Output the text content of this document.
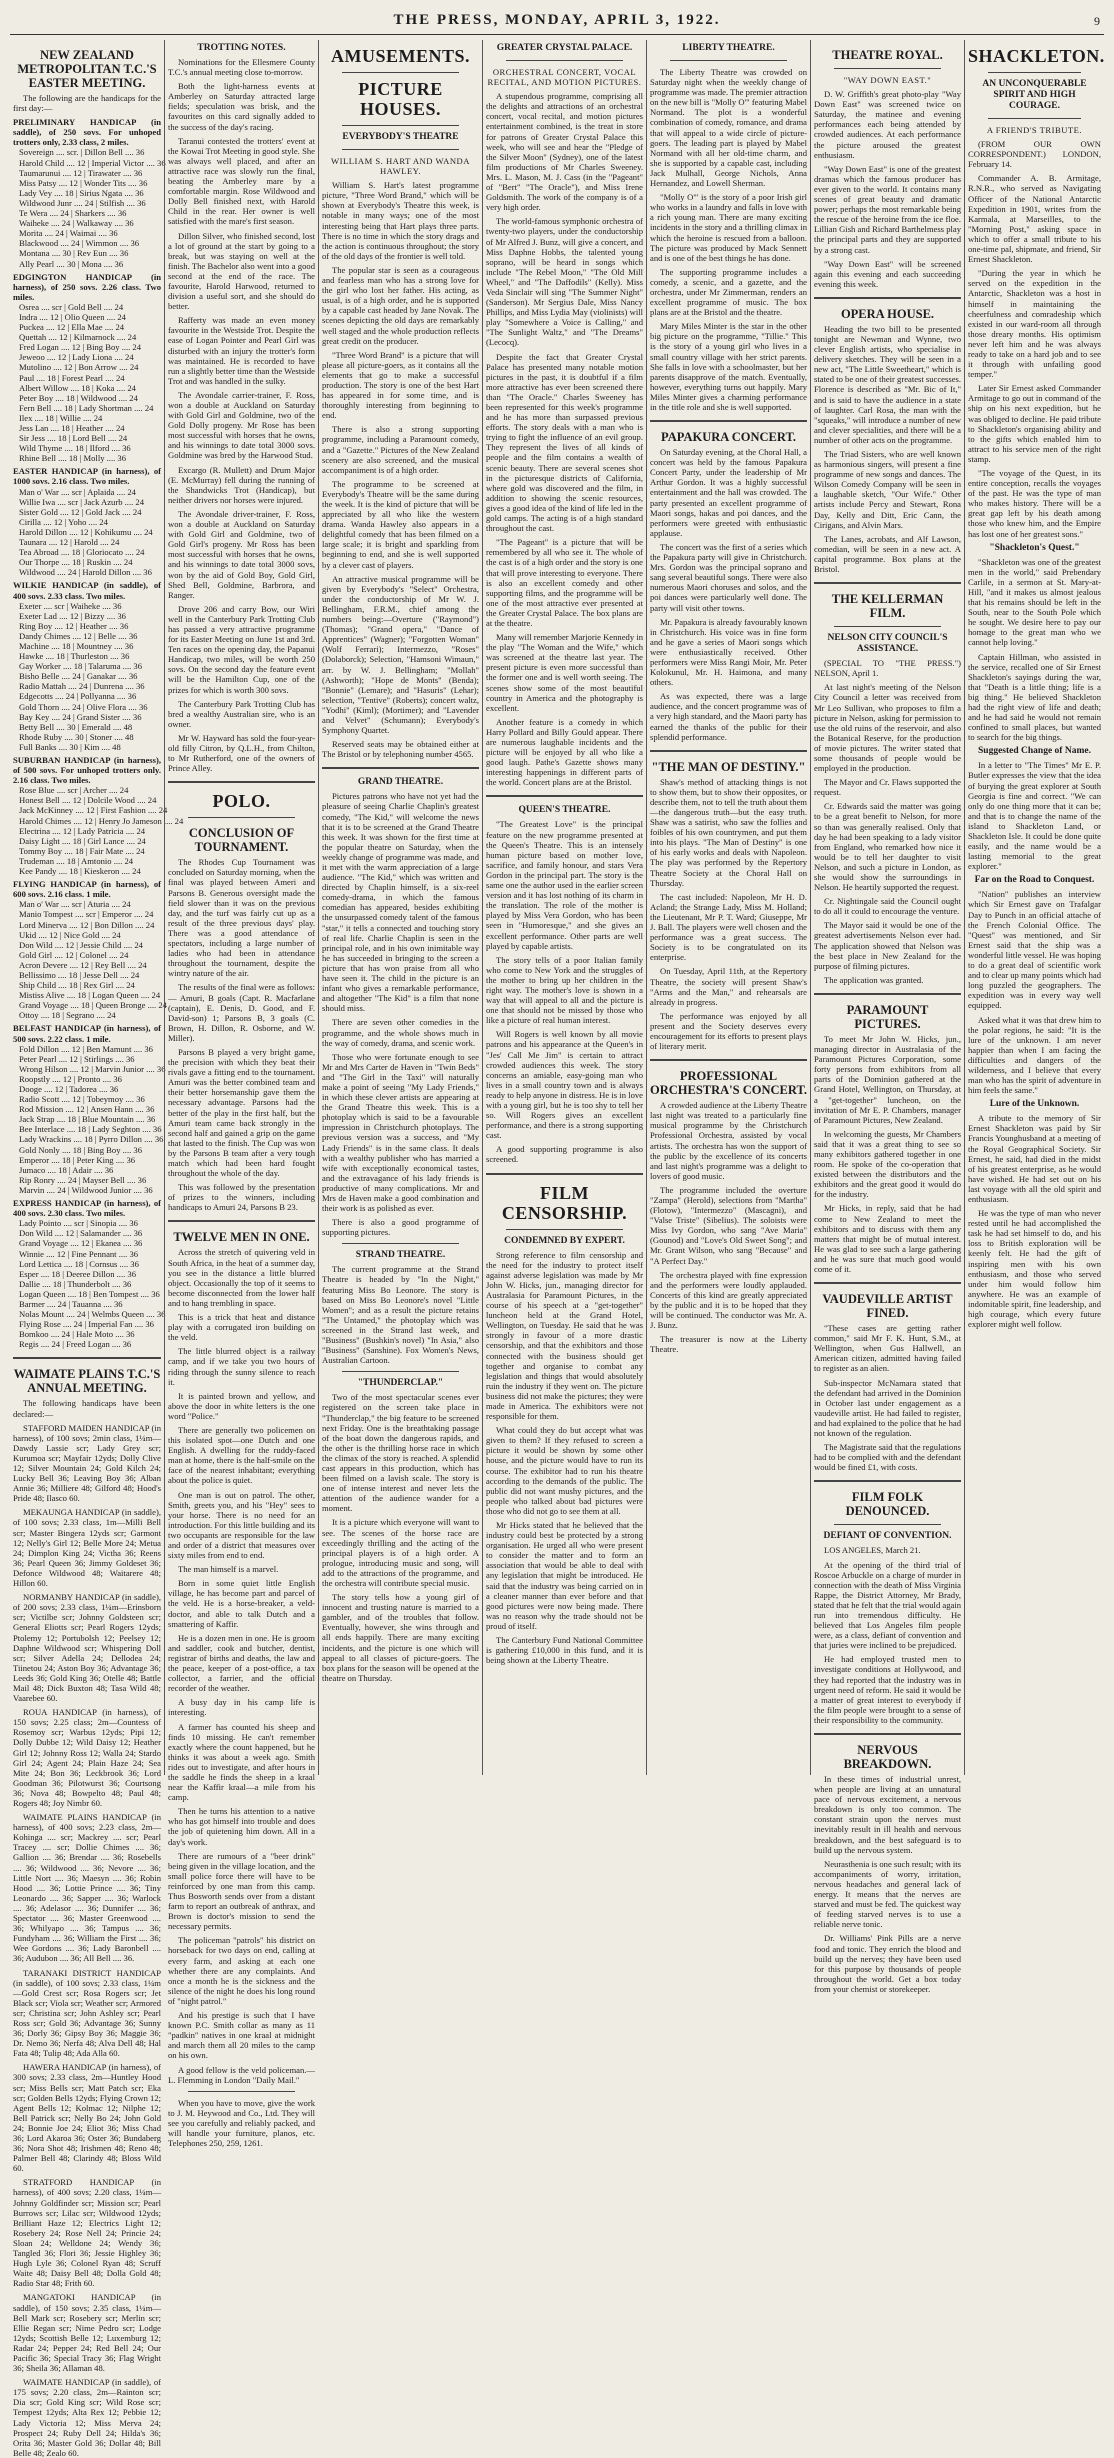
THE PRESS, MONDAY, APRIL 3, 1922.	9
NEW ZEALAND METROPOLITAN T.C.'S EASTER MEETING.

The following are the handicaps for the first day:—

PRELIMINARY HANDICAP (in saddle), of 250 sovs. For unhoped trotters only, 2.33 class, 2 miles.
Sovereign .... scr. | Dillon Bell .... 36
Harold Child .... 12 | Imperial Victor .... 36
Taumarunui .... 12 | Tirawater .... 36
Miss Patsy .... 12 | Wonder Tits .... 36
Lady Vey .... 18 | Sirius Ngata .... 36
Wildwood Junr .... 24 | Stilfish .... 36
Te Wera .... 24 | Sharkers .... 36
Waiheke .... 24 | Walkaway .... 36
Morita .... 24 | Waimai .... 36
Blackwood .... 24 | Wimmon .... 36
Montana .... 30 | Rev Eun .... 36
Ally Pearl .... 30 | Mona .... 36
EDGINGTON HANDICAP (in harness), of 250 sovs. 2.26 class. Two miles.
Osrea .... scr | Gold Bell .... 24
Indra .... 12 | Olio Queen .... 24
Puckea .... 12 | Ella Mae .... 24
Quettah .... 12 | Kilmarnock .... 24
Fred Logan .... 12 | Bing Boy .... 24
Jeweoo .... 12 | Lady Liona .... 24
Mutolino .... 12 | Bon Arrow .... 24
Paul .... 18 | Forest Pearl .... 24
Albert Willow .... 18 | Koka .... 24
Peter Boy .... 18 | Wildwood .... 24
Fern Bell .... 18 | Lady Shortman .... 24
Ilex .... 18 | Willie .... 24
Jess Lan .... 18 | Heather .... 24
Sir Jess .... 18 | Lord Bell .... 24
Wild Thyme .... 18 | Ilford .... 36
Rhine Bell .... 18 | Molly .... 36
EASTER HANDICAP (in harness), of 1000 sovs. 2.16 class. Two miles.
Man o' War .... scr | Aplaida .... 24
Willie Iwa .... scr | Jack Azurb .... 24
Sister Gold .... 12 | Gold Jack .... 24
Cirilla .... 12 | Yoho .... 24
Harold Dillon .... 12 | Kohikumu .... 24
Taunara .... 12 | Harold .... 24
Tea Abroad .... 18 | Gloriocato .... 24
Our Thorpe .... 18 | Ruskin .... 24
Wildwood .... 24 | Harold Dillon .... 36
WILKIE HANDICAP (in saddle), of 400 sovs. 2.33 class. Two miles.
Exeter .... scr | Waiheke .... 36
Exeter Lad .... 12 | Bizzy .... 36
Ring Boy .... 12 | Heather .... 36
Dandy Chimes .... 12 | Belle .... 36
Machine .... 18 | Mountney .... 36
Hawke .... 18 | Thurleston .... 36
Gay Worker .... 18 | Talaruma .... 36
Bisho Belle .... 24 | Ganakar .... 36
Radio Mattah .... 24 | Dunrena .... 36
Edgecotts .... 24 | Pollyanna .... 36
Gold Thorn .... 24 | Olive Flora .... 36
Bay Key .... 24 | Grand Sister .... 36
Betty Bell .... 30 | Emerald .... 48
Rhode Ruby .... 30 | Stoner .... 48
Full Banks .... 30 | Kim .... 48
SUBURBAN HANDICAP (in harness), of 500 sovs. For unhoped trotters only. 2.16 class. Two miles.
Rose Blue .... scr | Archer .... 24
Honest Bell .... 12 | Dolcile Wood .... 24
Jack McKinney .... 12 | First Fashion .... 24
Harold Chimes .... 12 | Henry Jo Jameson .... 24
Electrina .... 12 | Lady Patricia .... 24
Daisy Light .... 18 | Girl Lance .... 24
Tommy Boy .... 18 | Fair Mate .... 24
Trudeman .... 18 | Amtonio .... 24
Kee Pandy .... 18 | Kieskeron .... 24
FLYING HANDICAP (in harness), of 600 sovs. 2.16 class. 1 mile.
Man o' War .... scr | Aturia .... 24
Manio Tompest .... scr | Emperor .... 24
Lord Minerva .... 12 | Bon Dillon .... 24
Ukid .... 12 | Nice Gold .... 24
Don Wild .... 12 | Jessie Child .... 24
Gold Girl .... 12 | Colonel .... 24
Acron Devere .... 12 | Rey Bell .... 24
Bellissimo .... 18 | Jesse Dell .... 24
Ship Child .... 18 | Rex Girl .... 24
Mistiss Alive .... 18 | Logan Queen .... 24
Grand Voyage .... 18 | Queen Bronge .... 24
Ottoy .... 18 | Segrano .... 24
BELFAST HANDICAP (in harness), of 500 sovs. 2.22 class. 1 mile.
Fold Dillon .... 12 | Ben Mamunt .... 36
Peter Pearl .... 12 | Stirlings .... 36
Wrong Hilson .... 12 | Marvin Junior .... 36
Roopstly .... 12 | Pronto .... 36
Dooge .... 12 | Tadorea .... 36
Radio Scott .... 12 | Tobeymoy .... 36
Rod Mission .... 12 | Ansen Hann .... 36
Jack Strap .... 18 | Blue Mountain .... 36
Bee Interlace .... 18 | Lady Seghton .... 36
Lady Wrackins .... 18 | Pyrro Dillon .... 36
Gold Nonly .... 18 | Bing Boy .... 36
Emperor .... 18 | Peter King .... 36
Jumaco .... 18 | Adair .... 36
Rip Ronry .... 24 | Mayser Bell .... 36
Marvin .... 24 | Wildwood Junior .... 36
EXPRESS HANDICAP (in harness), of 400 sovs. 2.30 class. Two miles.
Lady Pointo .... scr | Sinopia .... 36
Don Wild .... 12 | Salamander .... 36
Grand Voyage .... 12 | Ekanea .... 36
Winnie .... 12 | Fine Pennant .... 36
Lord Lettica .... 18 | Cornsus .... 36
Esper .... 18 | Deeree Dillon .... 36
Dallie .... 18 | Thunderbolt .... 36
Logan Queen .... 18 | Ben Tompest .... 36
Barmer .... 24 | Tauanna .... 36
Nolas Mount .... 24 | Welmbs Queen .... 36
Flying Rose .... 24 | Imperial Fan .... 36
Bomkoo .... 24 | Hale Moto .... 36
Regis .... 24 | Freed Logan .... 36
WAIMATE PLAINS T.C.'S ANNUAL MEETING.

The following handicaps have been declared:—

STAFFORD MAIDEN HANDICAP (in harness), of 100 sovs; 2min class, 1¼m—Dawdy Lassie scr; Lady Grey scr; Kurumoa scr; Mayfair 12yds; Dolly Clive 12; Silver Mountain 24; Gold Kilch 24; Lucky Bell 36; Leaving Boy 36; Alban Annie 36; Milliere 48; Gilford 48; Hood's Pride 48; Ilasco 60.

MEKAUNGA HANDICAP (in saddle), of 100 sovs; 2.33 class, 1m—Milli Bell scr; Master Bingera 12yds scr; Garmont 12; Nelly's Girl 12; Belle More 24; Metua 24; Dimplon King 24; Victha 36; Reens 36; Pearl Queen 36; Jimmy Goldeset 36; Defonce Wildwood 48; Waitarere 48; Hillon 60.

NORMANBY HANDICAP (in saddle), of 200 sovs; 2.33 class, 1¼m—Erinsborn scr; Victilbe scr; Johnny Goldsteen scr; General Eliotts scr; Pearl Rogers 12yds; Ptolemy 12; Portubolsh 12; Peelsey 12; Daphne Wildwood scr; Whispering Doll scr; Silver Adella 24; Dellodea 24; Tiinetou 24; Aston Boy 36; Advantage 36; Leeds 36; Gold King 36; Otelle 48; Battle Mail 48; Dick Buxton 48; Tasa Wild 48; Vaarebee 60.

ROUA HANDICAP (in harness), of 150 sovs; 2.25 class; 2m—Countess of Rosemoy scr; Warbus 12yds; Pipi 12; Dolly Dubbe 12; Wild Daisy 12; Heather Girl 12; Johnny Ross 12; Walla 24; Stardo Girl 24; Agent 24; Plain Haze 24; Sea Mite 24; Bon 36; Leckbrook 36; Lord Goodman 36; Pilotwurst 36; Courtsong 36; Nova 48; Bowpelto 48; Paul 48; Rogers 48; Joy Nimbr 60.

WAIMATE PLAINS HANDICAP (in harness), of 400 sovs; 2.23 class, 2m—Kohinga .... scr; Mackrey .... scr; Pearl Tracey .... scr; Dollie Chimes .... 36; Gallion .... 36; Brendar .... 36; Rosebells .... 36; Wildwood .... 36; Nevore .... 36; Little Nort .... 36; Maesyn .... 36; Robin Hood .... 36; Lottie Prince .... 36; Tiny Leonardo .... 36; Sapper .... 36; Warlock .... 36; Adelasor .... 36; Dunnifer .... 36; Spectator .... 36; Master Greenwood .... 36; Whilyapo .... 36; Tampus .... 36; Fundyham .... 36; William the First .... 36; Wee Gordons .... 36; Lady Baronbell .... 36; Audubon .... 36; All Bell .... 36.

TARANAKI DISTRICT HANDICAP (in saddle), of 100 sovs; 2.33 class, 1¼m—Gold Crest scr; Rosa Rogers scr; Jet Black scr; Viola scr; Weather scr; Armored scr; Christina scr; John Ashley scr; Pearl Ross scr; Gold 36; Advantage 36; Sunny 36; Dorly 36; Gipsy Boy 36; Maggie 36; Dr. Nemo 36; Nerfa 48; Alva Dell 48; Hal Fata 48; Tulip 48; Ada Alla 60.

HAWERA HANDICAP (in harness), of 300 sovs; 2.33 class, 2m—Huntley Hood scr; Miss Bells scr; Matt Patch scr; Eka scr; Golden Bells 12yds; Flying Crown 12; Agent Bells 12; Kolmac 12; Nilphe 12; Bell Patrick scr; Nelly Bo 24; John Gold 24; Bonnie Joe 24; Eliot 36; Miss Chad 36; Lord Akaroa 36; Oster 36; Bundaberg 36; Nora Shot 48; Irishmen 48; Reno 48; Palmer Bell 48; Clarindy 48; Bloss Wild 60.

STRATFORD HANDICAP (in harness), of 400 sovs; 2.20 class, 1¼m—Johnny Goldfinder scr; Mission scr; Pearl Burrows scr; Lilac scr; Wildwood 12yds; Brilliant Haze 12; Electrics Light 12; Rosebery 24; Rose Nell 24; Princie 24; Sloan 24; Welldone 24; Wendy 36; Tangled 36; Flori 36; Jessie Highley 36; Hugh Lyle 36; Colonel Ryan 48; Scruff Waite 48; Daisy Bell 48; Dolla Gold 48; Radio Star 48; Frith 60.

MANGATOKI HANDICAP (in saddle), of 150 sovs; 2.35 class, 1¼m—Bell Mark scr; Rosebery scr; Merlin scr; Ellie Regan scr; Nime Pedro scr; Lodge 12yds; Scottish Belle 12; Luxemburg 12; Radar 24; Pepper 24; Red Bell 24; Our Pacific 36; Special Tracy 36; Flag Wright 36; Sheila 36; Allaman 48.

WAIMATE HANDICAP (in saddle), of 175 sovs; 2.20 class, 2m—Rainton scr; Dia scr; Gold King scr; Wild Rose scr; Tempest 12yds; Alta Rex 12; Pebbie 12; Lady Victoria 12; Miss Merva 24; Prospect 24; Ruby Dell 24; Hilda's 36; Orita 36; Master Gold 36; Dollar 48; Bill Belle 48; Zealo 60.

TROTTING NOTES.

Nominations for the Ellesmere County T.C.'s annual meeting close to-morrow.

Both the light-harness events at Amberley on Saturday attracted large fields; speculation was brisk, and the favourites on this card signally added to the success of the day's racing.

Taranui contested the trotters' event at the Kowai Trot Meeting in good style. She was always well placed, and after an attractive race was slowly run the final, beating the Amberley mare by a comfortable margin. Rose Wildwood and Dolly Bell finished next, with Harold Child in the rear. Her owner is well satisfied with the mare's first season.

Dillon Silver, who finished second, lost a lot of ground at the start by going to a break, but was staying on well at the finish. The Bachelor also went into a good second at the end of the race. The favourite, Harold Harwood, returned to division a useful sort, and she should do better.

Rafferty was made an even money favourite in the Westside Trot. Despite the ease of Logan Pointer and Pearl Girl was disturbed with an injury the trotter's form was maintained. He is recorded to have run a slightly better time than the Westside Trot and was handled in the sulky.

The Avondale carrier-trainer, F. Ross, won a double at Auckland on Saturday with Gold Girl and Goldmine, two of the Gold Dolly progeny. Mr Rose has been most successful with horses that he owns, and his winnings to date total 3000 sovs. Goldmine was bred by the Harwood Stud.

Excargo (R. Mullett) and Drum Major (E. McMurray) fell during the running of the Shandwicks Trot (Handicap), but neither drivers nor horses were injured.

The Avondale driver-trainer, F. Ross, won a double at Auckland on Saturday with Gold Girl and Goldmine, two of Gold Girl's progeny. Mr Ross has been most successful with horses that he owns, and his winnings to date total 3000 sovs, won by the aid of Gold Boy, Gold Girl, Shed Bell, Goldmine, Barbrora, and Ranger.

Drove 206 and carry Bow, our Wiri well in the Canterbury Park Trotting Club has passed a very attractive programme for its Easter Meeting on June 1st and 3rd. Ten races on the opening day, the Papanui Handicap, two miles, will be worth 250 sovs. On the second day the feature event will be the Hamilton Cup, one of the prizes for which is worth 300 sovs.

The Canterbury Park Trotting Club has bred a wealthy Australian sire, who is an owner.

Mr W. Hayward has sold the four-year-old filly Citron, by Q.L.H., from Chilton, to Mr Rutherford, one of the owners of Prince Alley.

POLO.
CONCLUSION OF TOURNAMENT.

The Rhodes Cup Tournament was concluded on Saturday morning, when the final was played between Ameri and Parsons B. Generous oversight made the field slower than it was on the previous day, and the turf was fairly cut up as a result of the three previous days' play. There was a good attendance of spectators, including a large number of ladies who had been in attendance throughout the tournament, despite the wintry nature of the air.

The results of the final were as follows:— Amuri, B goals (Capt. R. Macfarlane (captain), E. Denis, D. Good, and F. David-son) 1; Parsons B, 3 goals (C. Brown, H. Dillon, R. Osborne, and W. Miller).

Parsons B played a very bright game, the precision with which they beat their rivals gave a fitting end to the tournament. Amuri was the better combined team and their better horsemanship gave them the necessary advantage. Parsons had the better of the play in the first half, but the Amuri team came back strongly in the second half and gained a grip on the game that lasted to the finish. The Cup was won by the Parsons B team after a very tough match which had been hard fought throughout the whole of the day.

This was followed by the presentation of prizes to the winners, including handicaps to Amuri 24, Parsons B 23.

TWELVE MEN IN ONE.

Across the stretch of quivering veld in South Africa, in the heat of a summer day, you see in the distance a little blurred object. Occasionally the top of it seems to become disconnected from the lower half and to hang trembling in space.

This is a trick that heat and distance play with a corrugated iron building on the veld.

The little blurred object is a railway camp, and if we take you two hours of riding through the sunny silence to reach it.

It is painted brown and yellow, and above the door in white letters is the one word "Police."

There are generally two policemen on this isolated spot—one Dutch and one English. A dwelling for the ruddy-faced man at home, there is the half-smile on the face of the nearest inhabitant; everything about the police is quiet.

One man is out on patrol. The other, Smith, greets you, and his "Hey" sees to your horse. There is no need for an introduction. For this little building and its two occupants are responsible for the law and order of a district that measures over sixty miles from end to end.

The man himself is a marvel.

Born in some quiet little English village, he has become part and parcel of the veld. He is a horse-breaker, a veld-doctor, and able to talk Dutch and a smattering of Kaffir.

He is a dozen men in one. He is groom and saddler, cook and butcher, dentist, registrar of births and deaths, the law and the peace, keeper of a post-office, a tax collector, a farrier, and the official recorder of the weather.

A busy day in his camp life is interesting.

A farmer has counted his sheep and finds 10 missing. He can't remember exactly where the count happened, but he thinks it was about a week ago. Smith rides out to investigate, and after hours in the saddle he finds the sheep in a kraal near the Kaffir kraal—a mile from his camp.

Then he turns his attention to a native who has got himself into trouble and does the job of quietening him down. All in a day's work.

There are rumours of a "beer drink" being given in the village location, and the small police force there will have to be reinforced by one man from this camp. Thus Bosworth sends over from a distant farm to report an outbreak of anthrax, and Brown is doctor's mission to send the necessary permits.

The policeman "patrols" his district on horseback for two days on end, calling at every farm, and asking at each one whether there are any complaints. And once a month he is the sickness and the silence of the night he does his long round of "night patrol."

And his prestige is such that I have known P.C. Smith collar as many as 11 "padkin" natives in one kraal at midnight and march them all 20 miles to the camp on his own.

A good fellow is the veld policeman.— L. Flemming in London "Daily Mail."

When you have to move, give the work to J. M. Heywood and Co., Ltd. They will see you carefully and reliably packed, and will handle your furniture, planos, etc. Telephones 250, 259, 1261.

AMUSEMENTS.
PICTURE HOUSES.
EVERYBODY'S THEATRE
WILLIAM S. HART AND WANDA HAWLEY.

William S. Hart's latest programme picture, "Three Word Brand," which will be shown at Everybody's Theatre this week, is notable in many ways; one of the most interesting being that Hart plays three parts. There is no time in which the story drags and the action is continuous throughout; the story of the old days of the frontier is well told.

The popular star is seen as a courageous and fearless man who has a strong love for the girl who lost her father. His acting, as usual, is of a high order, and he is supported by a capable cast headed by Jane Novak. The scenes depicting the old days are remarkably well staged and the whole production reflects great credit on the producer.

"Three Word Brand" is a picture that will please all picture-goers, as it contains all the elements that go to make a successful production. The story is one of the best Hart has appeared in for some time, and is thoroughly interesting from beginning to end.

There is also a strong supporting programme, including a Paramount comedy, and a "Gazette." Pictures of the New Zealand scenery are also screened, and the musical accompaniment is of a high order.

The programme to be screened at Everybody's Theatre will be the same during the week. It is the kind of picture that will be appreciated by all who like the western drama. Wanda Hawley also appears in a delightful comedy that has been filmed on a large scale; it is bright and sparkling from beginning to end, and she is well supported by a clever cast of players.

An attractive musical programme will be given by Everybody's "Select" Orchestra, under the conductorship of Mr W. J. Bellingham, F.R.M., chief among the numbers being:—Overture ("Raymond") (Thomas); "Grand opera," "Dance of Apprentices" (Wagner); "Forgotten Woman" (Wolf Ferrari); Intermezzo, "Roses" (Dolaborck); Selection, "Hamsoni Wimaun," arr. by W. J. Bellingham; "Mollah" (Ashworth); "Hope de Monts" (Benda); "Bonnie" (Lemare); and "Hasuris" (Lehar); selection, "Tentive" (Roberts); concert waltz, "Yodhi" (Kiml); (Mortimer); and "Lavender and Velvet" (Schumann); Everybody's Symphony Quartet.

Reserved seats may be obtained either at The Bristol or by telephoning number 4565.

GRAND THEATRE.

Pictures patrons who have not yet had the pleasure of seeing Charlie Chaplin's greatest comedy, "The Kid," will welcome the news that it is to be screened at the Grand Theatre this week. It was shown for the first time at the popular theatre on Saturday, when the weekly change of programme was made, and it met with the warm appreciation of a large audience. "The Kid," which was written and directed by Chaplin himself, is a six-reel comedy-drama, in which the famous comedian has appeared, besides exhibiting the unsurpassed comedy talent of the famous "star," it tells a connected and touching story of real life. Charlie Chaplin is seen in the principal role, and in his own inimitable way he has succeeded in bringing to the screen a picture that has won praise from all who have seen it. The child in the picture is an infant who gives a remarkable performance, and altogether "The Kid" is a film that none should miss.

There are seven other comedies in the programme, and the whole shows much in the way of comedy, drama, and scenic work.

Those who were fortunate enough to see Mr and Mrs Carter de Haven in "Twin Beds" and "The Girl in the Taxi" will naturally make a point of seeing "My Lady Friends," in which these clever artists are appearing at the Grand Theatre this week. This is a photoplay which is said to be a favourable impression in Christchurch photoplays. The previous version was a success, and "My Lady Friends" is in the same class. It deals with a wealthy publisher who has married a wife with exceptionally economical tastes, and the extravagance of his lady friends is productive of many complications. Mr and Mrs de Haven make a good combination and their work is as polished as ever.

There is also a good programme of supporting pictures.

STRAND THEATRE.

The current programme at the Strand Theatre is headed by "In the Night," featuring Miss Bo Leonore. The story is based on Miss Bo Leonore's novel "Little Women"; and as a result the picture retains "The Untamed," the photoplay which was screened in the Strand last week, and "Business" (Bushkin's novel) "In Asia," also "Business" (Sanshine). Fox Women's News, Australian Cartoon.

"THUNDERCLAP."

Two of the most spectacular scenes ever registered on the screen take place in "Thunderclap," the big feature to be screened next Friday. One is the breathtaking passage of the boat down the dangerous rapids, and the other is the thrilling horse race in which the climax of the story is reached. A splendid cast appears in this production, which has been filmed on a lavish scale. The story is one of intense interest and never lets the attention of the audience wander for a moment.

It is a picture which everyone will want to see. The scenes of the horse race are exceedingly thrilling and the acting of the principal players is of a high order. A prologue, introducing music and song, will add to the attractions of the programme, and the orchestra will contribute special music.

The story tells how a young girl of innocent and trusting nature is married to a gambler, and of the troubles that follow. Eventually, however, she wins through and all ends happily. There are many exciting incidents, and the picture is one which will appeal to all classes of picture-goers. The box plans for the season will be opened at the theatre on Thursday.

GREATER CRYSTAL PALACE.
ORCHESTRAL CONCERT, VOCAL RECITAL, AND MOTION PICTURES.

A stupendous programme, comprising all the delights and attractions of an orchestral concert, vocal recital, and motion pictures entertainment combined, is the treat in store for patrons of Greater Crystal Palace this week, who will see and hear the "Pledge of the Silver Moon" (Sydney), one of the latest film productions of Mr Charles Sweeney. Mrs. L. Mason, M. J. Cass (in the "Pageant" of "Bert" "The Oracle"), and Miss Irene Goldsmith. The work of the company is of a very high order.

The world-famous symphonic orchestra of twenty-two players, under the conductorship of Mr Alfred J. Bunz, will give a concert, and Miss Daphne Hobbs, the talented young soprano, will be heard in songs which include "The Rebel Moon," "The Old Mill Wheel," and "The Daffodils" (Kelly). Miss Veda Sinclair will sing "The Summer Night" (Sanderson). Mr Sergius Dale, Miss Nancy Phillips, and Miss Lydia May (violinists) will play "Somewhere a Voice is Calling," and "The Sunlight Waltz," and "The Dreams" (Lecocq).

Despite the fact that Greater Crystal Palace has presented many notable motion pictures in the past, it is doubtful if a film more attractive has ever been screened there than "The Oracle." Charles Sweeney has been represented for this week's programme and he has more than surpassed previous efforts. The story deals with a man who is trying to fight the influence of an evil group. They represent the lives of all kinds of people and the film contains a wealth of scenic beauty. There are several scenes shot in the picturesque districts of California, where gold was discovered and the film, in addition to showing the scenic resources, gives a good idea of the kind of life led in the gold camps. The acting is of a high standard throughout the cast.

"The Pageant" is a picture that will be remembered by all who see it. The whole of the cast is of a high order and the story is one that will prove interesting to everyone. There is also an excellent comedy and other supporting films, and the programme will be one of the most attractive ever presented at the Greater Crystal Palace. The box plans are at the theatre.

Many will remember Marjorie Kennedy in the play "The Woman and the Wife," which was screened at the theatre last year. The present picture is even more successful than the former one and is well worth seeing. The scenes show some of the most beautiful country in America and the photography is excellent.

Another feature is a comedy in which Harry Pollard and Billy Gould appear. There are numerous laughable incidents and the picture will be enjoyed by all who like a good laugh. Pathe's Gazette shows many interesting happenings in different parts of the world. Concert plans are at the Bristol.

QUEEN'S THEATRE.

"The Greatest Love" is the principal feature on the new programme presented at the Queen's Theatre. This is an intensely human picture based on mother love, sacrifice, and family honour, and stars Vera Gordon in the principal part. The story is the same one the author used in the earlier screen version and it has lost nothing of its charm in the translation. The role of the mother is played by Miss Vera Gordon, who has been seen in "Humoresque," and she gives an excellent performance. Other parts are well played by capable artists.

The story tells of a poor Italian family who come to New York and the struggles of the mother to bring up her children in the right way. The mother's love is shown in a way that will appeal to all and the picture is one that should not be missed by those who like a picture of real human interest.

Will Rogers is well known by all movie patrons and his appearance at the Queen's in "Jes' Call Me Jim" is certain to attract crowded audiences this week. The story concerns an amiable, easy-going man who lives in a small country town and is always ready to help anyone in distress. He is in love with a young girl, but he is too shy to tell her so. Will Rogers gives an excellent performance, and there is a strong supporting cast.

A good supporting programme is also screened.

FILM CENSORSHIP.
CONDEMNED BY EXPERT.

Strong reference to film censorship and the need for the industry to protect itself against adverse legislation was made by Mr John W. Hicks, jun., managing director for Australasia for Paramount Pictures, in the course of his speech at a "get-together" luncheon held at the Grand Hotel, Wellington, on Tuesday. He said that he was strongly in favour of a more drastic censorship, and that the exhibitors and those connected with the business should get together and organise to combat any legislation and things that would absolutely ruin the industry if they went on. The picture business did not make the pictures; they were made in America. The exhibitors were not responsible for them.

What could they do but accept what was given to them? If they refused to screen a picture it would be shown by some other house, and the picture would have to run its course. The exhibitor had to run his theatre according to the demands of the public. The public did not want mushy pictures, and the people who talked about bad pictures were those who did not go to see them at all.

Mr Hicks stated that he believed that the industry could best be protected by a strong organisation. He urged all who were present to consider the matter and to form an association that would be able to deal with any legislation that might be introduced. He said that the industry was being carried on in a cleaner manner than ever before and that good pictures were now being made. There was no reason why the trade should not be proud of itself.

The Canterbury Fund National Committee is gathering £10,000 in this fund, and it is being shown at the Liberty Theatre.

LIBERTY THEATRE.

The Liberty Theatre was crowded on Saturday night when the weekly change of programme was made. The premier attraction on the new bill is "Molly O'" featuring Mabel Normand. The plot is a wonderful combination of comedy, romance, and drama that will appeal to a wide circle of picture-goers. The leading part is played by Mabel Normand with all her old-time charm, and she is supported by a capable cast, including Jack Mulhall, George Nichols, Anna Hernandez, and Lowell Sherman.

"Molly O'" is the story of a poor Irish girl who works in a laundry and falls in love with a rich young man. There are many exciting incidents in the story and a thrilling climax in which the heroine is rescued from a balloon. The picture was produced by Mack Sennett and is one of the best things he has done.

The supporting programme includes a comedy, a scenic, and a gazette, and the orchestra, under Mr Zimmerman, renders an excellent programme of music. The box plans are at the Bristol and the theatre.

Mary Miles Minter is the star in the other big picture on the programme, "Tillie." This is the story of a young girl who lives in a small country village with her strict parents. She falls in love with a schoolmaster, but her parents disapprove of the match. Eventually, however, everything turns out happily. Mary Miles Minter gives a charming performance in the title role and she is well supported.

PAPAKURA CONCERT.

On Saturday evening, at the Choral Hall, a concert was held by the famous Papakura Concert Party, under the leadership of Mr Arthur Gordon. It was a highly successful entertainment and the hall was crowded. The party presented an excellent programme of Maori songs, hakas and poi dances, and the performers were greeted with enthusiastic applause.

The concert was the first of a series which the Papakura party will give in Christchurch. Mrs. Gordon was the principal soprano and sang several beautiful songs. There were also numerous Maori choruses and solos, and the poi dances were particularly well done. The party will visit other towns.

Mr. Papakura is already favourably known in Christchurch. His voice was in fine form and he gave a series of Maori songs which were enthusiastically received. Other performers were Miss Rangi Moir, Mr. Peter Kolokunul, Mr. H. Haimona, and many others.

As was expected, there was a large audience, and the concert programme was of a very high standard, and the Maori party has earned the thanks of the public for their splendid performance.

"THE MAN OF DESTINY."

Shaw's method of attacking things is not to show them, but to show their opposites, or describe them, not to tell the truth about them—the dangerous truth—but the easy truth. Shaw was a satirist, who saw the follies and foibles of his own countrymen, and put them into his plays. "The Man of Destiny" is one of his early works and deals with Napoleon. The play was performed by the Repertory Theatre Society at the Choral Hall on Thursday.

The cast included: Napoleon, Mr H. D. Acland; the Strange Lady, Miss M. Holland; the Lieutenant, Mr P. T. Ward; Giuseppe, Mr J. Ball. The players were well chosen and the performance was a great success. The Society is to be congratulated on its enterprise.

On Tuesday, April 11th, at the Repertory Theatre, the society will present Shaw's "Arms and the Man," and rehearsals are already in progress.

The performance was enjoyed by all present and the Society deserves every encouragement for its efforts to present plays of literary merit.

PROFESSIONAL ORCHESTRA'S CONCERT.

A crowded audience at the Liberty Theatre last night was treated to a particularly fine musical programme by the Christchurch Professional Orchestra, assisted by vocal artists. The orchestra has won the support of the public by the excellence of its concerts and last night's programme was a delight to lovers of good music.

The programme included the overture "Zampa" (Herold), selections from "Martha" (Flotow), "Intermezzo" (Mascagni), and "Valse Triste" (Sibelius). The soloists were Miss Ivy Gordon, who sang "Ave Maria" (Gounod) and "Love's Old Sweet Song"; and Mr. Grant Wilson, who sang "Because" and "A Perfect Day."

The orchestra played with fine expression and the performers were loudly applauded. Concerts of this kind are greatly appreciated by the public and it is to be hoped that they will be continued. The conductor was Mr. A. J. Bunz.

The treasurer is now at the Liberty Theatre.

THEATRE ROYAL.
"WAY DOWN EAST."

D. W. Griffith's great photo-play "Way Down East" was screened twice on Saturday, the matinee and evening performances each being attended by crowded audiences. At each performance the picture aroused the greatest enthusiasm.

"Way Down East" is one of the greatest dramas which the famous producer has ever given to the world. It contains many scenes of great beauty and dramatic power; perhaps the most remarkable being the rescue of the heroine from the ice floe. Lillian Gish and Richard Barthelmess play the principal parts and they are supported by a strong cast.

"Way Down East" will be screened again this evening and each succeeding evening this week.

OPERA HOUSE.

Heading the two bill to be presented tonight are Newman and Wynne, two clever English artists, who specialise in delivery sketches. They will be seen in a new act, "The Little Sweetheart," which is stated to be one of their greatest successes. Florence is described as "Mr. Bic of It," and is said to have the audience in a state of laughter. Carl Rosa, the man with the "squeaks," will introduce a number of new and clever specialities, and there will be a number of other acts on the programme.

The Triad Sisters, who are well known as harmonious singers, will present a fine programme of new songs and dances. The Wilson Comedy Company will be seen in a laughable sketch, "Our Wife." Other artists include Percy and Stewart, Rona Day, Kelly and Ditt, Eric Cann, the Cirigans, and Alvin Mars.

The Lanes, acrobats, and Alf Lawson, comedian, will be seen in a new act. A capital programme. Box plans at the Bristol.

THE KELLERMAN FILM.
NELSON CITY COUNCIL'S ASSISTANCE.

(SPECIAL TO "THE PRESS.") NELSON, April 1.

At last night's meeting of the Nelson City Council a letter was received from Mr Leo Sullivan, who proposes to film a picture in Nelson, asking for permission to use the old ruins of the reservoir, and also the Botanical Reserve, for the production of movie pictures. The writer stated that some thousands of people would be employed in the production.

The Mayor and Cr. Flaws supported the request.

Cr. Edwards said the matter was going to be a great benefit to Nelson, for more so than was generally realised. Only that day he had been speaking to a lady visitor from England, who remarked how nice it would be to tell her daughter to visit Nelson, and such a picture in London, as she would show the surroundings in Nelson. He heartily supported the request.

Cr. Nightingale said the Council ought to do all it could to encourage the venture.

The Mayor said it would be one of the greatest advertisements Nelson ever had. The application showed that Nelson was the best place in New Zealand for the purpose of filming pictures.

The application was granted.

PARAMOUNT PICTURES.

To meet Mr John W. Hicks, jun., managing director in Australasia of the Paramount Pictures Corporation, some forty persons from exhibitors from all parts of the Dominion gathered at the Grand Hotel, Wellington, on Thursday, at a "get-together" luncheon, on the invitation of Mr E. P. Chambers, manager of Paramount Pictures, New Zealand.

In welcoming the guests, Mr Chambers said that it was a great thing to see so many exhibitors gathered together in one room. He spoke of the co-operation that existed between the distributors and the exhibitors and the great good it would do for the industry.

Mr Hicks, in reply, said that he had come to New Zealand to meet the exhibitors and to discuss with them any matters that might be of mutual interest. He was glad to see such a large gathering and he was sure that much good would come of it.

VAUDEVILLE ARTIST FINED.

"These cases are getting rather common," said Mr F. K. Hunt, S.M., at Wellington, when Gus Hallwell, an American citizen, admitted having failed to register as an alien.

Sub-inspector McNamara stated that the defendant had arrived in the Dominion in October last under engagement as a vaudeville artist. He had failed to register, and had explained to the police that he had not known of the regulation.

The Magistrate said that the regulations had to be complied with and the defendant would be fined £1, with costs.

FILM FOLK DENOUNCED.
DEFIANT OF CONVENTION.

LOS ANGELES, March 21.

At the opening of the third trial of Roscoe Arbuckle on a charge of murder in connection with the death of Miss Virginia Rappe, the District Attorney, Mr Brady, stated that he felt that the trial would again run into tremendous difficulty. He believed that Los Angeles film people were, as a class, defiant of convention and that juries were inclined to be prejudiced.

He had employed trusted men to investigate conditions at Hollywood, and they had reported that the industry was in urgent need of reform. He said it would be a matter of great interest to everybody if the film people were brought to a sense of their responsibility to the community.

NERVOUS BREAKDOWN.

In these times of industrial unrest, when people are living at an unnatural pace of nervous excitement, a nervous breakdown is only too common. The constant strain upon the nerves must inevitably result in ill health and nervous breakdown, and the best safeguard is to build up the nervous system.

Neurasthenia is one such result; with its accompaniments of worry, irritation, nervous headaches and general lack of energy. It means that the nerves are starved and must be fed. The quickest way of feeding starved nerves is to use a reliable nerve tonic.

Dr. Williams' Pink Pills are a nerve food and tonic. They enrich the blood and build up the nerves; they have been used for this purpose by thousands of people throughout the world. Get a box today from your chemist or storekeeper.

SHACKLETON.
AN UNCONQUERABLE SPIRIT AND HIGH COURAGE.
A FRIEND'S TRIBUTE.

(FROM OUR OWN CORRESPONDENT.) LONDON, February 14.

Commander A. B. Armitage, R.N.R., who served as Navigating Officer of the National Antarctic Expedition in 1901, writes from the Karmala, at Marseilles, to the "Morning Post," asking space in which to offer a small tribute to his one-time pal, shipmate, and friend, Sir Ernest Shackleton.

"During the year in which he served on the expedition in the Antarctic, Shackleton was a host in himself in maintaining the cheerfulness and comradeship which existed in our ward-room all through those dreary months. His optimism never left him and he was always ready to take on a hard job and to see it through with unfailing good temper."

Later Sir Ernest asked Commander Armitage to go out in command of the ship on his next expedition, but he was obliged to decline. He paid tribute to Shackleton's organising ability and to the gifts which enabled him to attract to his service men of the right stamp.

"The voyage of the Quest, in its entire conception, recalls the voyages of the past. He was the type of man who makes history. There will be a great gap left by his death among those who knew him, and the Empire has lost one of her greatest sons."

"Shackleton's Quest."

"Shackleton was one of the greatest men in the world," said Prebendary Carlile, in a sermon at St. Mary-at-Hill, "and it makes us almost jealous that his remains should be left in the South, near to the South Pole which he sought. We desire here to pay our homage to the great man who we cannot help loving."

Captain Hillman, who assisted in the service, recalled one of Sir Ernest Shackleton's sayings during the war, that "Death is a little thing; life is a big thing." He believed Shackleton had the right view of life and death; and he had said he would not remain confined to small places, but wanted to search for the big things.

Suggested Change of Name.

In a letter to "The Times" Mr E. P. Butler expresses the view that the idea of burying the great explorer at South Georgia is fine and correct. "We can only do one thing more that it can be; and that is to change the name of the island to Shackleton Land, or Shackleton Isle. It could be done quite easily, and the name would be a lasting memorial to the great explorer."

Far on the Road to Conquest.

"Nation" publishes an interview which Sir Ernest gave on Trafalgar Day to Punch in an official attache of the French Colonial Office. The "Quest" was mentioned, and Sir Ernest said that the ship was a wonderful little vessel. He was hoping to do a great deal of scientific work and to clear up many points which had long puzzled the geographers. The expedition was in every way well equipped.

Asked what it was that drew him to the polar regions, he said: "It is the lure of the unknown. I am never happier than when I am facing the difficulties and dangers of the wilderness, and I believe that every man who has the spirit of adventure in him feels the same."

Lure of the Unknown.

A tribute to the memory of Sir Ernest Shackleton was paid by Sir Francis Younghusband at a meeting of the Royal Geographical Society. Sir Ernest, he said, had died in the midst of his greatest enterprise, as he would have wished. He had set out on his last voyage with all the old spirit and enthusiasm.

He was the type of man who never rested until he had accomplished the task he had set himself to do, and his loss to British exploration will be keenly felt. He had the gift of inspiring men with his own enthusiasm, and those who served under him would follow him anywhere. He was an example of indomitable spirit, fine leadership, and high courage, which every future explorer might well follow.
